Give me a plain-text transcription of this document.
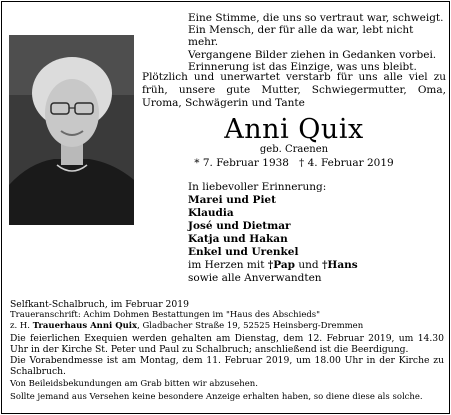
Eine Stimme, die uns so vertraut war, schweigt.
Ein Mensch, der für alle da war, lebt nicht mehr.
Vergangene Bilder ziehen in Gedanken vorbei.
Erinnerung ist das Einzige, was uns bleibt.
Plötzlich und unerwartet verstarb für uns alle viel zu früh, unsere gute Mutter, Schwiegermutter, Oma, Uroma, Schwägerin und Tante
Anni Quix
geb. Craenen
* 7. Februar 1938   † 4. Februar 2019
In liebevoller Erinnerung:
Marei und Piet
Klaudia
José und Dietmar
Katja und Hakan
Enkel und Urenkel
im Herzen mit †Pap und †Hans
sowie alle Anverwandten
Selfkant-Schalbruch, im Februar 2019
Traueranschrift: Achim Dohmen Bestattungen im "Haus des Abschieds"
z. H. Trauerhaus Anni Quix, Gladbacher Straße 19, 52525 Heinsberg-Dremmen
Die feierlichen Exequien werden gehalten am Dienstag, dem 12. Februar 2019, um 14.30 Uhr in der Kirche St. Peter und Paul zu Schalbruch; anschließend ist die Beerdigung.
Die Vorabendmesse ist am Montag, dem 11. Februar 2019, um 18.00 Uhr in der Kirche zu Schalbruch.
Von Beileidsbekundungen am Grab bitten wir abzusehen.
Sollte jemand aus Versehen keine besondere Anzeige erhalten haben, so diene diese als solche.
